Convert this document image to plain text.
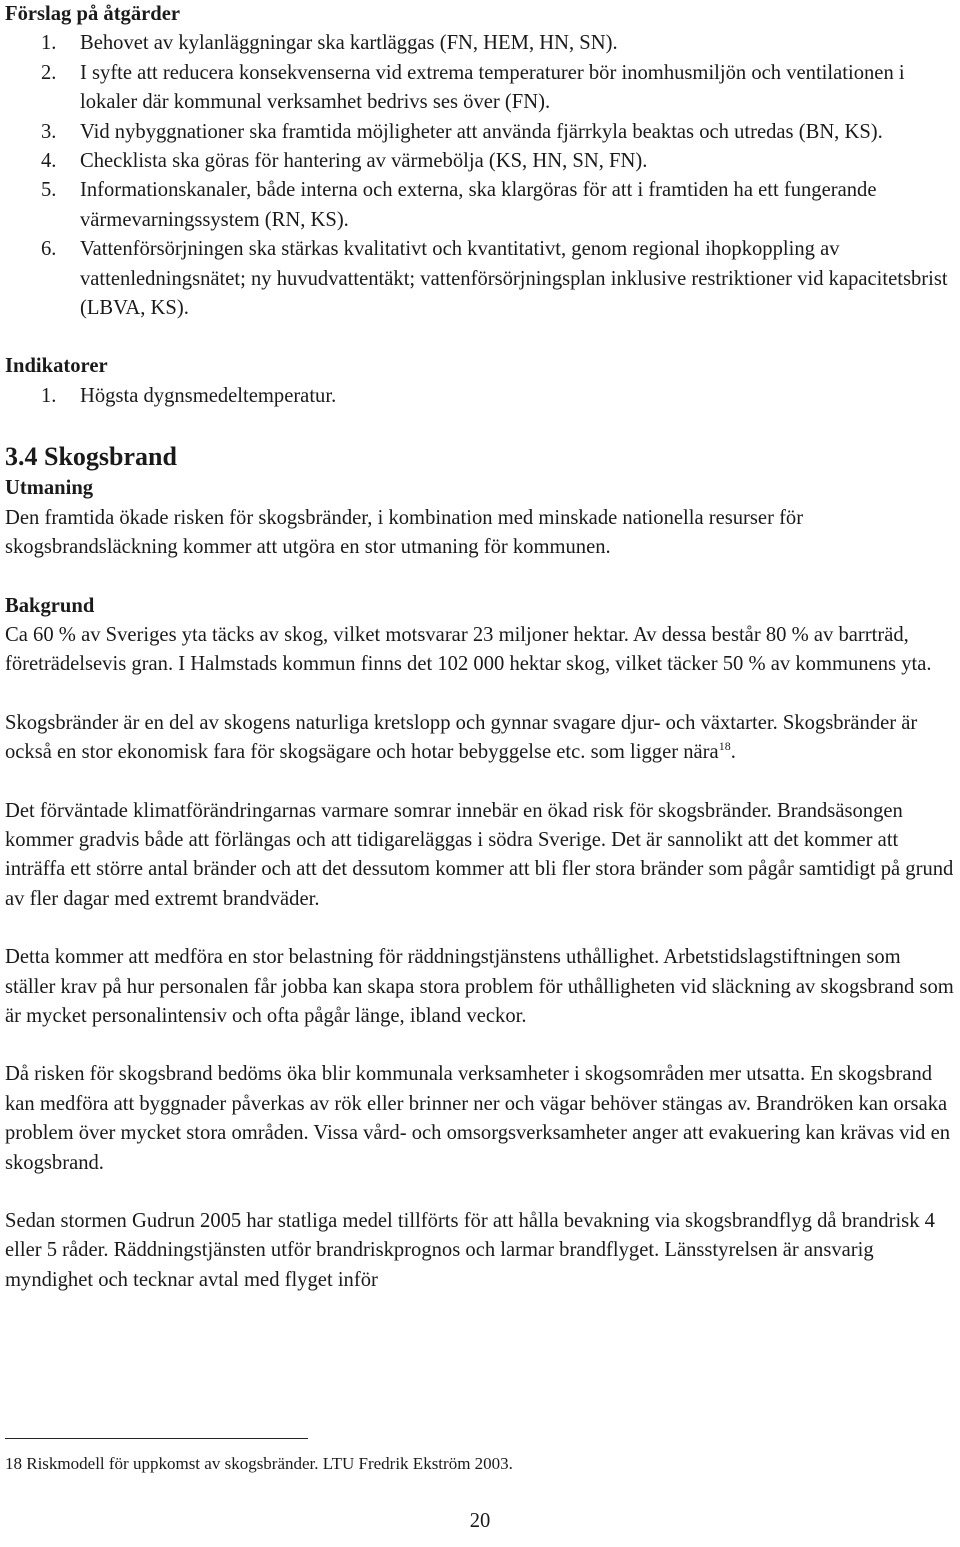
Förslag på åtgärder
1. Behovet av kylanläggningar ska kartläggas (FN, HEM, HN, SN).
2. I syfte att reducera konsekvenserna vid extrema temperaturer bör inomhusmiljön och ventilationen i lokaler där kommunal verksamhet bedrivs ses över (FN).
3. Vid nybyggnationer ska framtida möjligheter att använda fjärrkyla beaktas och utredas (BN, KS).
4. Checklista ska göras för hantering av värmebölja (KS, HN, SN, FN).
5. Informationskanaler, både interna och externa, ska klargöras för att i framtiden ha ett fungerande värmevarningssystem (RN, KS).
6. Vattenförsörjningen ska stärkas kvalitativt och kvantitativt, genom regional ihopkoppling av vattenledningsnätet; ny huvudvattentäkt; vattenförsörjningsplan inklusive restriktioner vid kapacitetsbrist (LBVA, KS).
Indikatorer
1. Högsta dygnsmedeltemperatur.
3.4 Skogsbrand
Utmaning

Den framtida ökade risken för skogsbränder, i kombination med minskade nationella resurser för skogsbrandsläckning kommer att utgöra en stor utmaning för kommunen.

Bakgrund

Ca 60 % av Sveriges yta täcks av skog, vilket motsvarar 23 miljoner hektar. Av dessa består 80 % av barrträd, företrädelsevis gran. I Halmstads kommun finns det 102 000 hektar skog, vilket täcker 50 % av kommunens yta.

Skogsbränder är en del av skogens naturliga kretslopp och gynnar svagare djur- och växtarter. Skogsbränder är också en stor ekonomisk fara för skogsägare och hotar bebyggelse etc. som ligger nära$^{18}$.

Det förväntade klimatförändringarnas varmare somrar innebär en ökad risk för skogsbränder. Brandsäsongen kommer gradvis både att förlängas och att tidigareläggas i södra Sverige. Det är sannolikt att det kommer att inträffa ett större antal bränder och att det dessutom kommer att bli fler stora bränder som pågår samtidigt på grund av fler dagar med extremt brandväder.

Detta kommer att medföra en stor belastning för räddningstjänstens uthållighet. Arbetstidslagstiftningen som ställer krav på hur personalen får jobba kan skapa stora problem för uthålligheten vid släckning av skogsbrand som är mycket personalintensiv och ofta pågår länge, ibland veckor.

Då risken för skogsbrand bedöms öka blir kommunala verksamheter i skogsområden mer utsatta. En skogsbrand kan medföra att byggnader påverkas av rök eller brinner ner och vägar behöver stängas av. Brandröken kan orsaka problem över mycket stora områden. Vissa vård- och omsorgsverksamheter anger att evakuering kan krävas vid en skogsbrand.

Sedan stormen Gudrun 2005 har statliga medel tillförts för att hålla bevakning via skogsbrandflyg då brandrisk 4 eller 5 råder. Räddningstjänsten utför brandriskprognos och larmar brandflyget. Länsstyrelsen är ansvarig myndighet och tecknar avtal med flyget inför

18 Riskmodell för uppkomst av skogsbränder. LTU Fredrik Ekström 2003.
20
